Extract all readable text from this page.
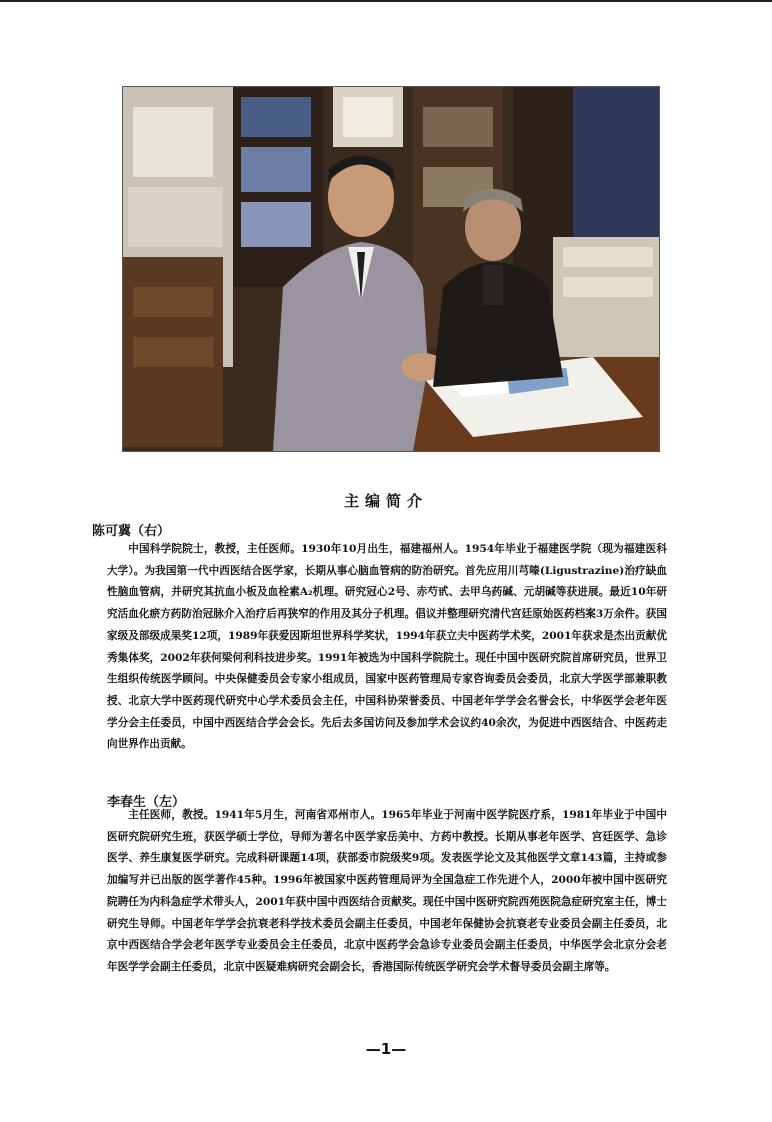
主编简介
陈可冀（右）

中国科学院院士，教授，主任医师。1930年10月出生，福建福州人。1954年毕业于福建医学院（现为福建医科大学）。为我国第一代中西医结合医学家，长期从事心脑血管病的防治研究。首先应用川芎嗪(Ligustrazine)治疗缺血性脑血管病，并研究其抗血小板及血栓素A₂机理。研究冠心2号、赤芍甙、去甲乌药碱、元胡碱等获进展。最近10年研究活血化瘀方药防治冠脉介入治疗后再狭窄的作用及其分子机理。倡议并整理研究清代宫廷原始医药档案3万余件。获国家级及部级成果奖12项，1989年获爱因斯坦世界科学奖状，1994年获立夫中医药学术奖，2001年获求是杰出贡献优秀集体奖，2002年获何梁何利科技进步奖。1991年被选为中国科学院院士。现任中国中医研究院首席研究员，世界卫生组织传统医学顾问。中央保健委员会专家小组成员，国家中医药管理局专家咨询委员会委员，北京大学医学部兼职教授、北京大学中医药现代研究中心学术委员会主任，中国科协荣誉委员、中国老年学学会名誉会长，中华医学会老年医学分会主任委员，中国中西医结合学会会长。先后去多国访问及参加学术会议约40余次，为促进中西医结合、中医药走向世界作出贡献。

李春生（左）

主任医师，教授。1941年5月生，河南省邓州市人。1965年毕业于河南中医学院医疗系，1981年毕业于中国中医研究院研究生班，获医学硕士学位，导师为著名中医学家岳美中、方药中教授。长期从事老年医学、宫廷医学、急诊医学、养生康复医学研究。完成科研课题14项，获部委市院级奖9项。发表医学论文及其他医学文章143篇，主持或参加编写并已出版的医学著作45种。1996年被国家中医药管理局评为全国急症工作先进个人，2000年被中国中医研究院聘任为内科急症学术带头人，2001年获中国中西医结合贡献奖。现任中国中医研究院西苑医院急症研究室主任，博士研究生导师。中国老年学学会抗衰老科学技术委员会副主任委员，中国老年保健协会抗衰老专业委员会副主任委员，北京中西医结合学会老年医学专业委员会主任委员，北京中医药学会急诊专业委员会副主任委员，中华医学会北京分会老年医学学会副主任委员，北京中医疑难病研究会副会长，香港国际传统医学研究会学术督导委员会副主席等。

—1—
